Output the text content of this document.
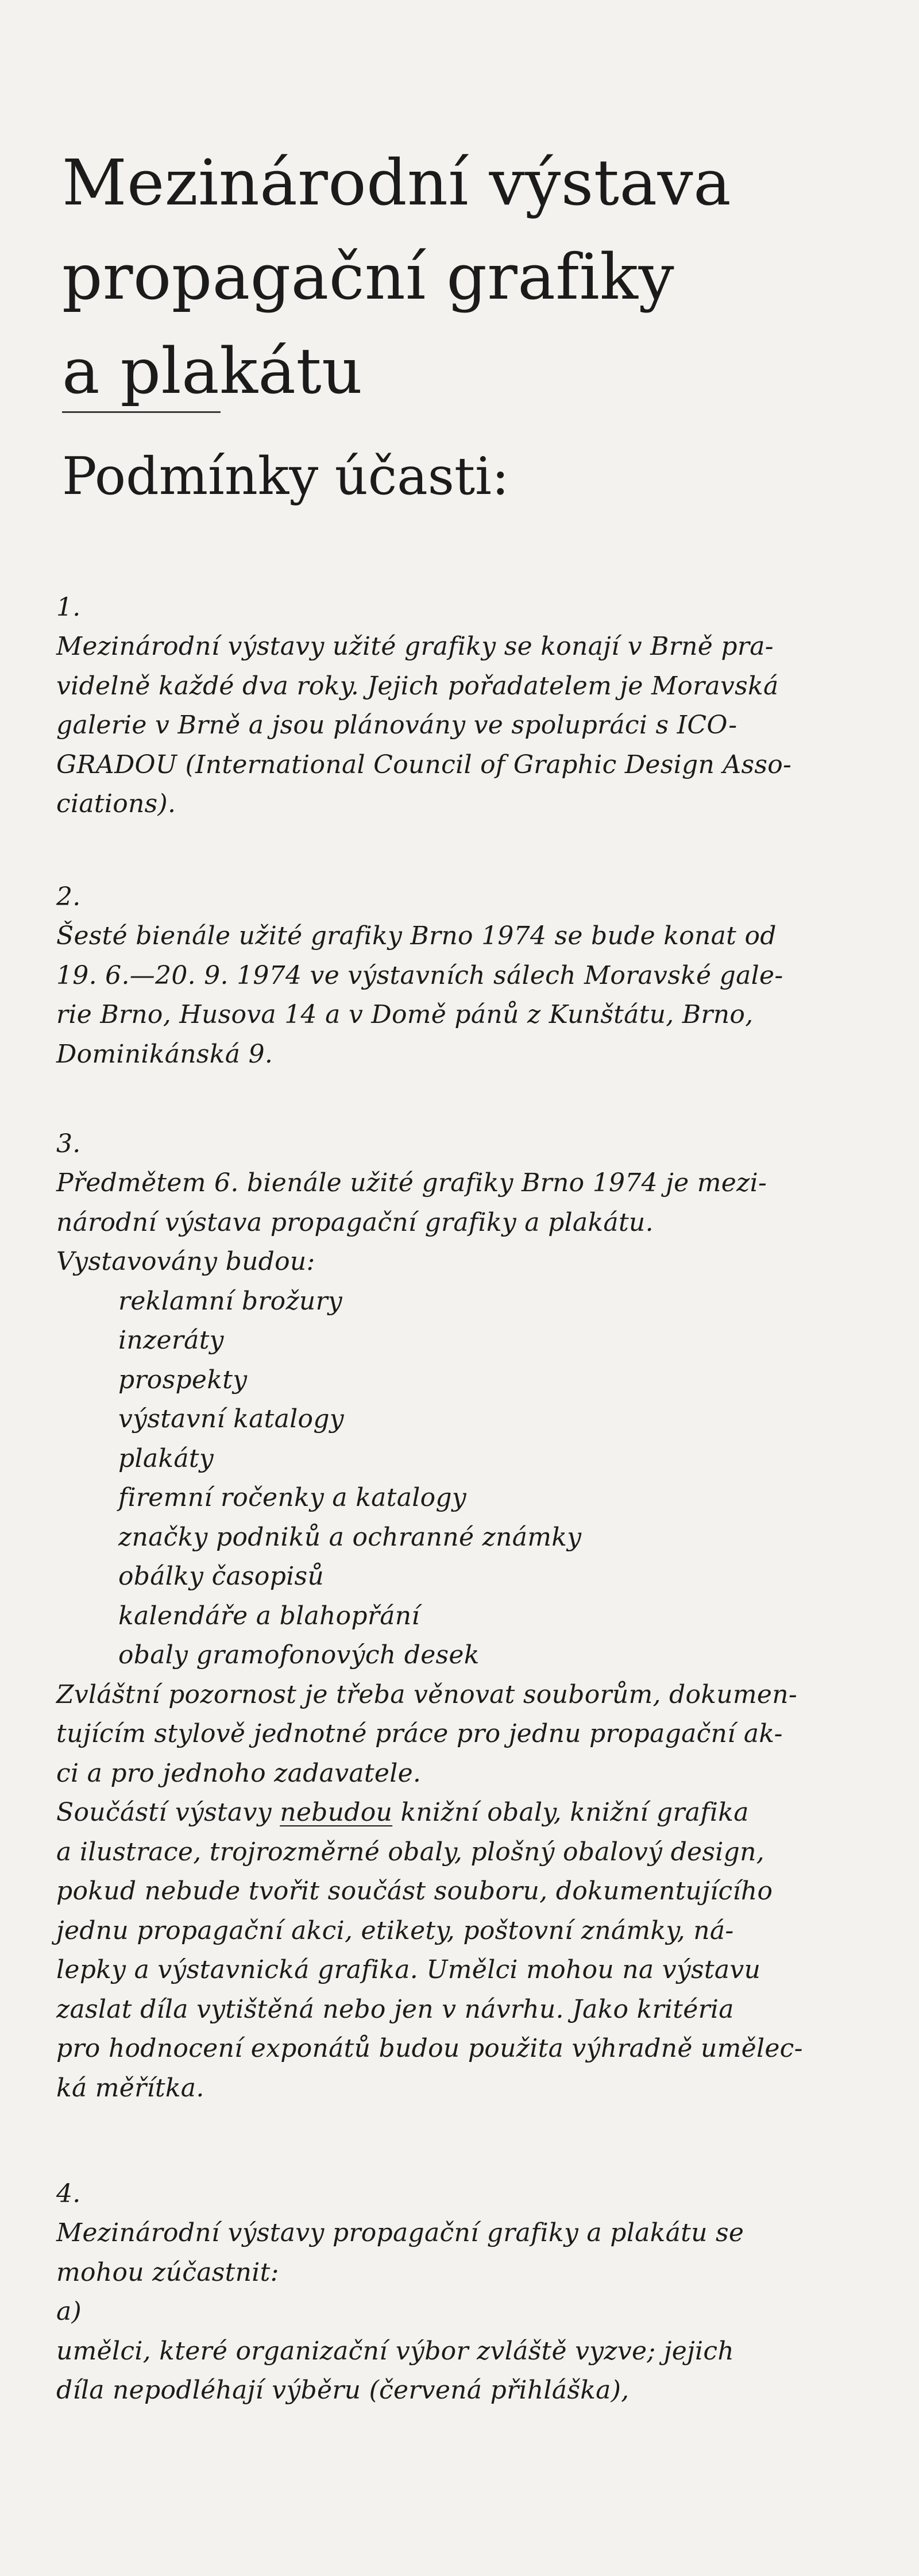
Mezinárodní výstava
propagační grafiky
a plakátu
Podmínky účasti:
1.
Mezinárodní výstavy užité grafiky se konají v Brně pra-
videlně každé dva roky. Jejich pořadatelem je Moravská
galerie v Brně a jsou plánovány ve spolupráci s ICO-
GRADOU (International Council of Graphic Design Asso-
ciations).
2.
Šesté bienále užité grafiky Brno 1974 se bude konat od
19. 6.—20. 9. 1974 ve výstavních sálech Moravské gale-
rie Brno, Husova 14 a v Domě pánů z Kunštátu, Brno,
Dominikánská 9.
3.
Předmětem 6. bienále užité grafiky Brno 1974 je mezi-
národní výstava propagační grafiky a plakátu.
Vystavovány budou:
reklamní brožury
inzeráty
prospekty
výstavní katalogy
plakáty
firemní ročenky a katalogy
značky podniků a ochranné známky
obálky časopisů
kalendáře a blahopřání
obaly gramofonových desek
Zvláštní pozornost je třeba věnovat souborům, dokumen-
tujícím stylově jednotné práce pro jednu propagační ak-
ci a pro jednoho zadavatele.
Součástí výstavy nebudou knižní obaly, knižní grafika
a ilustrace, trojrozměrné obaly, plošný obalový design,
pokud nebude tvořit součást souboru, dokumentujícího
jednu propagační akci, etikety, poštovní známky, ná-
lepky a výstavnická grafika. Umělci mohou na výstavu
zaslat díla vytištěná nebo jen v návrhu. Jako kritéria
pro hodnocení exponátů budou použita výhradně umělec-
ká měřítka.
4.
Mezinárodní výstavy propagační grafiky a plakátu se
mohou zúčastnit:
a)
umělci, které organizační výbor zvláště vyzve; jejich
díla nepodléhají výběru (červená přihláška),
